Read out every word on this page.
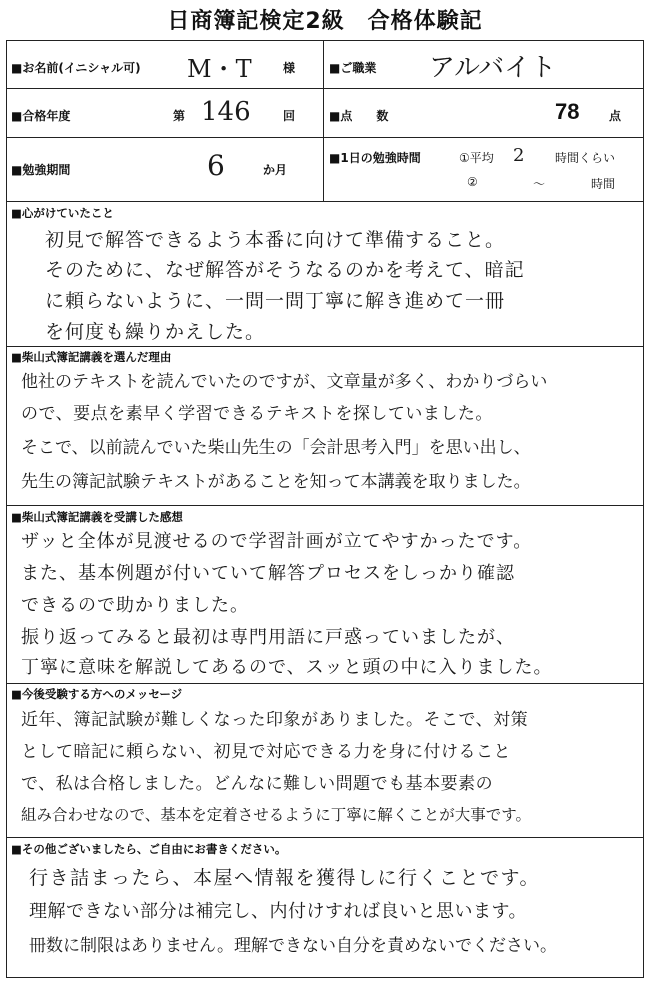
日商簿記検定2級　合格体験記
■お名前(イニシャル可) M・T	様	■ご職業 アルバイト
■合格年度	第 146	回	■点　　数	78 点
■勉強期間	6	か月
■1日の勉強時間	①平均 2	時間くらい
②	～	時間
■心がけていたこと
初見で解答できるよう本番に向けて準備すること。
そのために、なぜ解答がそうなるのかを考えて、暗記
に頼らないように、一問一問丁寧に解き進めて一冊
を何度も繰りかえした。
■柴山式簿記講義を選んだ理由
他社のテキストを読んでいたのですが、文章量が多く、わかりづらい
ので、要点を素早く学習できるテキストを探していました。
そこで、以前読んでいた柴山先生の「会計思考入門」を思い出し、
先生の簿記試験テキストがあることを知って本講義を取りました。
■柴山式簿記講義を受講した感想
ザッと全体が見渡せるので学習計画が立てやすかったです。
また、基本例題が付いていて解答プロセスをしっかり確認
できるので助かりました。
振り返ってみると最初は専門用語に戸惑っていましたが、
丁寧に意味を解説してあるので、スッと頭の中に入りました。
■今後受験する方へのメッセージ
近年、簿記試験が難しくなった印象がありました。そこで、対策
として暗記に頼らない、初見で対応できる力を身に付けること
で、私は合格しました。どんなに難しい問題でも基本要素の
組み合わせなので、基本を定着させるように丁寧に解くことが大事です。
■その他ございましたら、ご自由にお書きください。
行き詰まったら、本屋へ情報を獲得しに行くことです。
理解できない部分は補完し、内付けすれば良いと思います。
冊数に制限はありません。理解できない自分を責めないでください。
